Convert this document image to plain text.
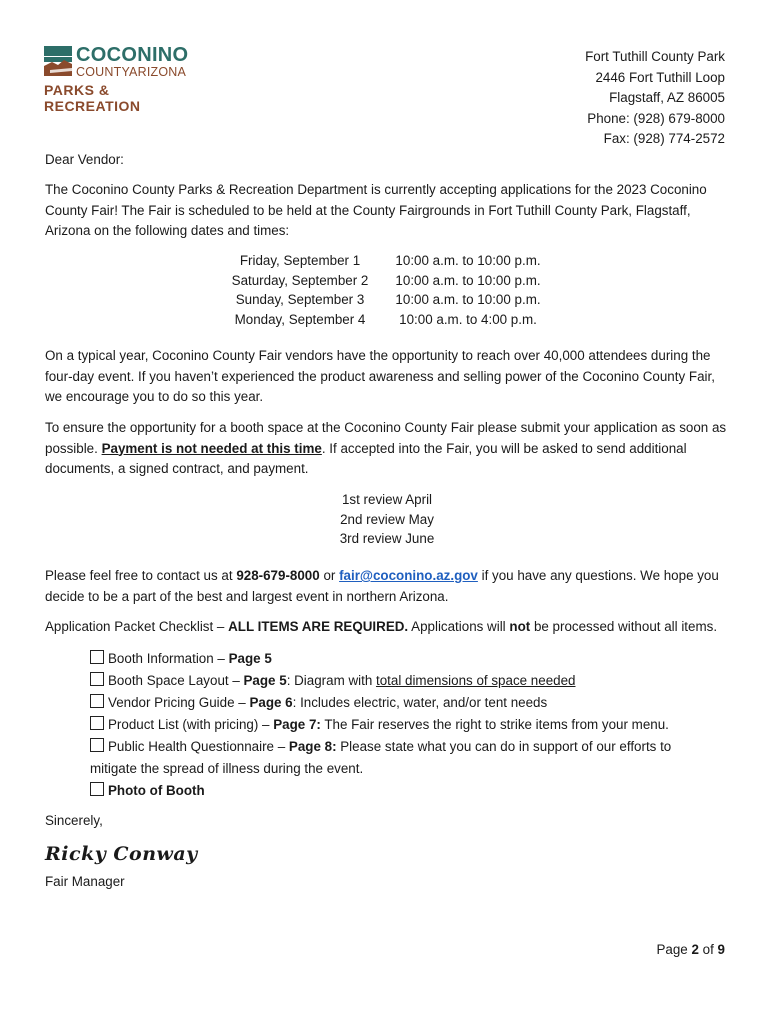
COCONINO
COUNTYARIZONA
PARKS & RECREATION
Fort Tuthill County Park
2446 Fort Tuthill Loop
Flagstaff, AZ 86005
Phone: (928) 679-8000
Fax: (928) 774-2572
Dear Vendor:
The Coconino County Parks & Recreation Department is currently accepting applications for the 2023 Coconino County Fair! The Fair is scheduled to be held at the County Fairgrounds in Fort Tuthill County Park, Flagstaff, Arizona on the following dates and times:
Friday, September 1	10:00 a.m. to 10:00 p.m.
Saturday, September 2	10:00 a.m. to 10:00 p.m.
Sunday, September 3	10:00 a.m. to 10:00 p.m.
Monday, September 4	10:00 a.m. to 4:00 p.m.
On a typical year, Coconino County Fair vendors have the opportunity to reach over 40,000 attendees during the four-day event. If you haven’t experienced the product awareness and selling power of the Coconino County Fair, we encourage you to do so this year.
To ensure the opportunity for a booth space at the Coconino County Fair please submit your application as soon as possible. Payment is not needed at this time. If accepted into the Fair, you will be asked to send additional documents, a signed contract, and payment.
1st review April
2nd review May
3rd review June
Please feel free to contact us at 928-679-8000 or fair@coconino.az.gov if you have any questions. We hope you decide to be a part of the best and largest event in northern Arizona.
Application Packet Checklist – ALL ITEMS ARE REQUIRED. Applications will not be processed without all items.
Booth Information – Page 5
Booth Space Layout – Page 5: Diagram with total dimensions of space needed
Vendor Pricing Guide – Page 6: Includes electric, water, and/or tent needs
Product List (with pricing) – Page 7: The Fair reserves the right to strike items from your menu.
Public Health Questionnaire – Page 8: Please state what you can do in support of our efforts to mitigate the spread of illness during the event.
Photo of Booth
Sincerely,
Ricky Conway
Fair Manager
Page 2 of 9
